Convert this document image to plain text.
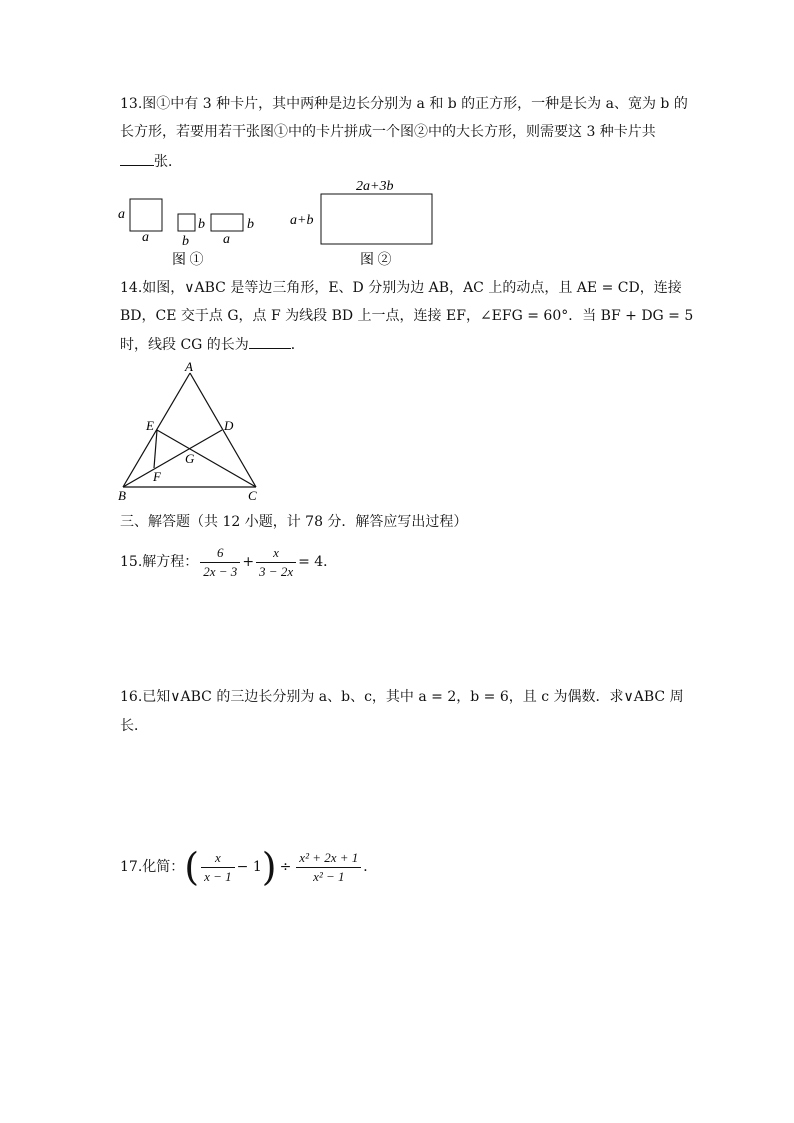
13.图①中有 3 种卡片，其中两种是边长分别为 a 和 b 的正方形，一种是长为 a、宽为 b 的
长方形，若要用若干张图①中的卡片拼成一个图②中的大长方形，则需要这 3 种卡片共
张．
a
a
b
b
b
a
图 ①
2a+3b
a+b
图 ②
14.如图，∨ABC 是等边三角形，E、D 分别为边 AB，AC 上的动点，且 AE = CD，连接
BD，CE 交于点 G，点 F 为线段 BD 上一点，连接 EF，∠EFG = 60°．当 BF + DG = 5
时，线段 CG 的长为	．
A
B	C
E	D
G
F
三、解答题（共 12 小题，计 78 分．解答应写出过程）
15.解方程： $\frac{6}{2x - 3} + \frac{x}{3 - 2x} = 4$．
16.已知∨ABC 的三边长分别为 a、b、c，其中 a = 2，b = 6，且 c 为偶数．求∨ABC 周
长．
17.化简：( $\frac{x}{x - 1} - 1) \div \frac{\text{x² + 2x + 1}}{\text{x² − 1}}$ ．
